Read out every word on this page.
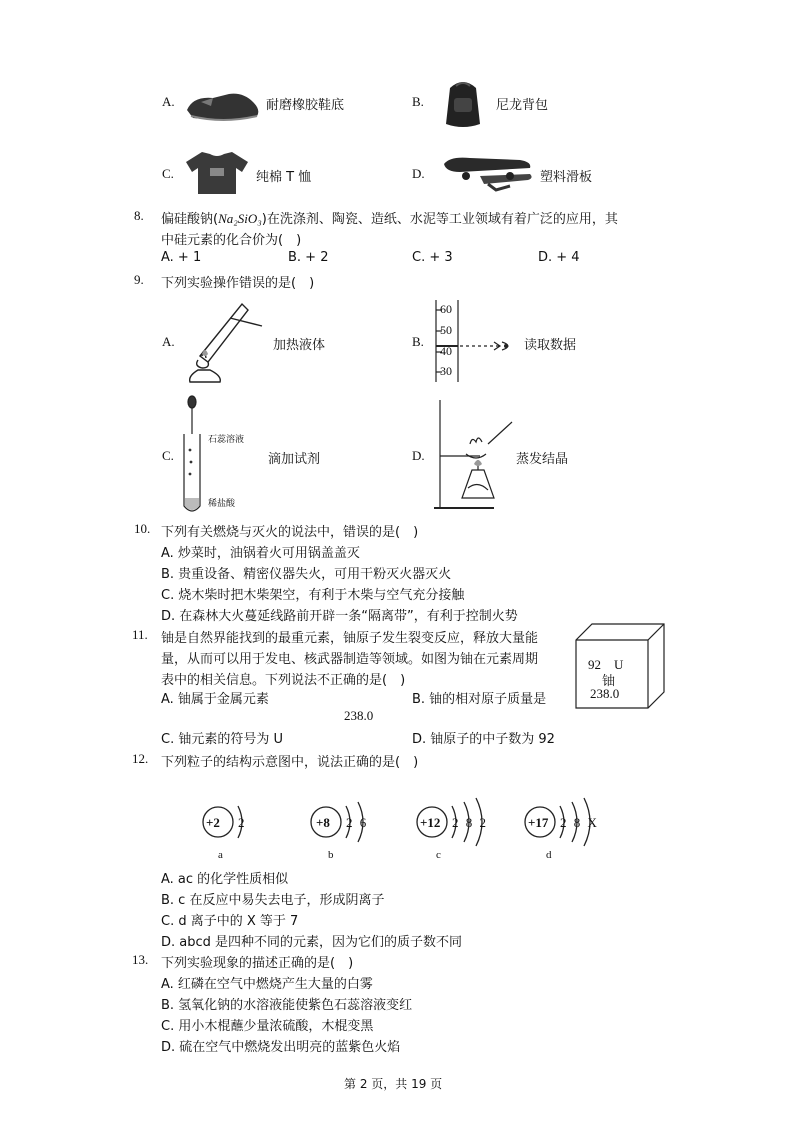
A.	耐磨橡胶鞋底	B.	尼龙背包
C.	纯棉 T 恤	D.	塑料滑板
8. 偏硅酸钠(Na₂SiO₃)在洗涤剂、陶瓷、造纸、水泥等工业领域有着广泛的应用，其
中硅元素的化合价为(　)
A. + 1	B. + 2	C. + 3	D. + 4
9. 下列实验操作错误的是(　)
A.	加热液体	B.
60
50
40
30
读取数据
C.
石蕊溶液
稀盐酸
滴加试剂	D.	蒸发结晶
10. 下列有关燃烧与灭火的说法中，错误的是(　)
A. 炒菜时，油锅着火可用锅盖盖灭
B. 贵重设备、精密仪器失火，可用干粉灭火器灭火
C. 烧木柴时把木柴架空，有利于木柴与空气充分接触
D. 在森林大火蔓延线路前开辟一条“隔离带”，有利于控制火势
11. 铀是自然界能找到的最重元素，铀原子发生裂变反应，释放大量能
量，从而可以用于发电、核武器制造等领域。如图为铀在元素周期
表中的相关信息。下列说法不正确的是(　)
A. 铀属于金属元素	B. 铀的相对原子质量是
238.0
C. 铀元素的符号为 U	D. 铀原子的中子数为 92
92　U
铀
238.0
12. 下列粒子的结构示意图中，说法正确的是(　)
+2 2
a
+8 2 6
b
+12 2 8 2
c
+17 2 8 X
d
A. ac 的化学性质相似
B. c 在反应中易失去电子，形成阴离子
C. d 离子中的 X 等于 7
D. abcd 是四种不同的元素，因为它们的质子数不同
13. 下列实验现象的描述正确的是(　)
A. 红磷在空气中燃烧产生大量的白雾
B. 氢氧化钠的水溶液能使紫色石蕊溶液变红
C. 用小木棍蘸少量浓硫酸，木棍变黑
D. 硫在空气中燃烧发出明亮的蓝紫色火焰
第 2 页，共 19 页
